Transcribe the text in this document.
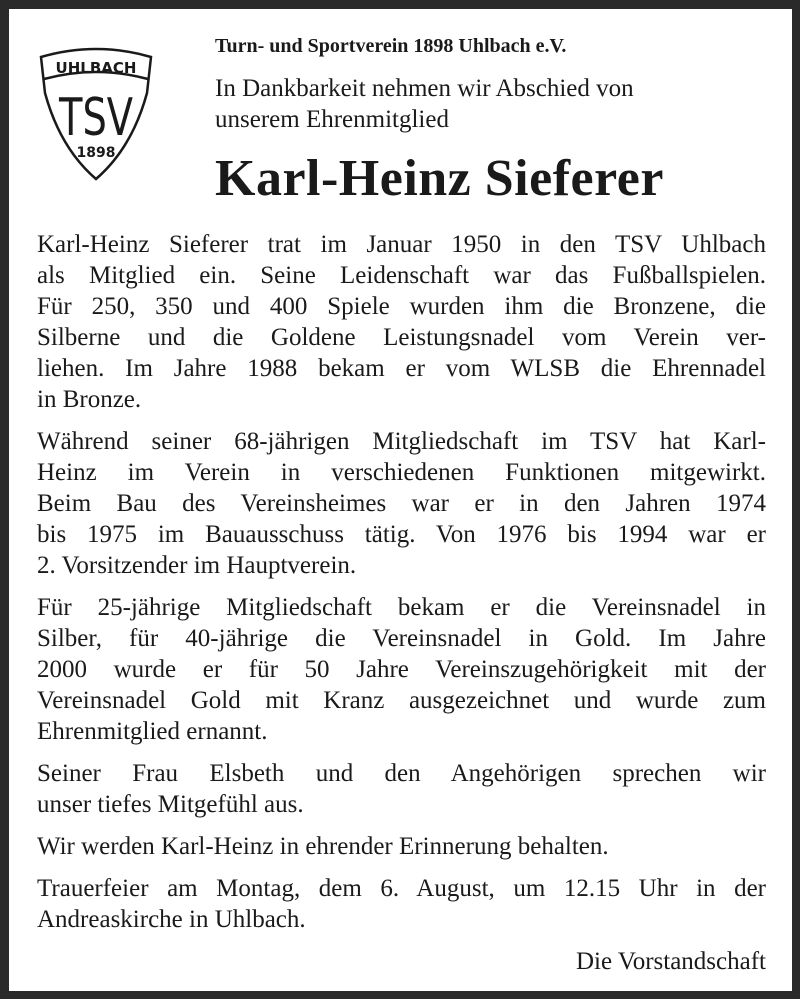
UHLBACH
TSV
1898
Turn- und Sportverein 1898 Uhlbach e.V.
In Dankbarkeit nehmen wir Abschied von
unserem Ehrenmitglied
Karl-Heinz Sieferer
Karl-Heinz Sieferer trat im Januar 1950 in den TSV Uhlbach
als Mitglied ein. Seine Leidenschaft war das Fußballspielen.
Für 250, 350 und 400 Spiele wurden ihm die Bronzene, die
Silberne und die Goldene Leistungsnadel vom Verein ver-
liehen. Im Jahre 1988 bekam er vom WLSB die Ehrennadel
in Bronze.
Während seiner 68-jährigen Mitgliedschaft im TSV hat Karl-
Heinz im Verein in verschiedenen Funktionen mitgewirkt.
Beim Bau des Vereinsheimes war er in den Jahren 1974
bis 1975 im Bauausschuss tätig. Von 1976 bis 1994 war er
2. Vorsitzender im Hauptverein.
Für 25-jährige Mitgliedschaft bekam er die Vereinsnadel in
Silber, für 40-jährige die Vereinsnadel in Gold. Im Jahre
2000 wurde er für 50 Jahre Vereinszugehörigkeit mit der
Vereinsnadel Gold mit Kranz ausgezeichnet und wurde zum
Ehrenmitglied ernannt.
Seiner Frau Elsbeth und den Angehörigen sprechen wir
unser tiefes Mitgefühl aus.
Wir werden Karl-Heinz in ehrender Erinnerung behalten.
Trauerfeier am Montag, dem 6. August, um 12.15 Uhr in der
Andreaskirche in Uhlbach.
Die Vorstandschaft
